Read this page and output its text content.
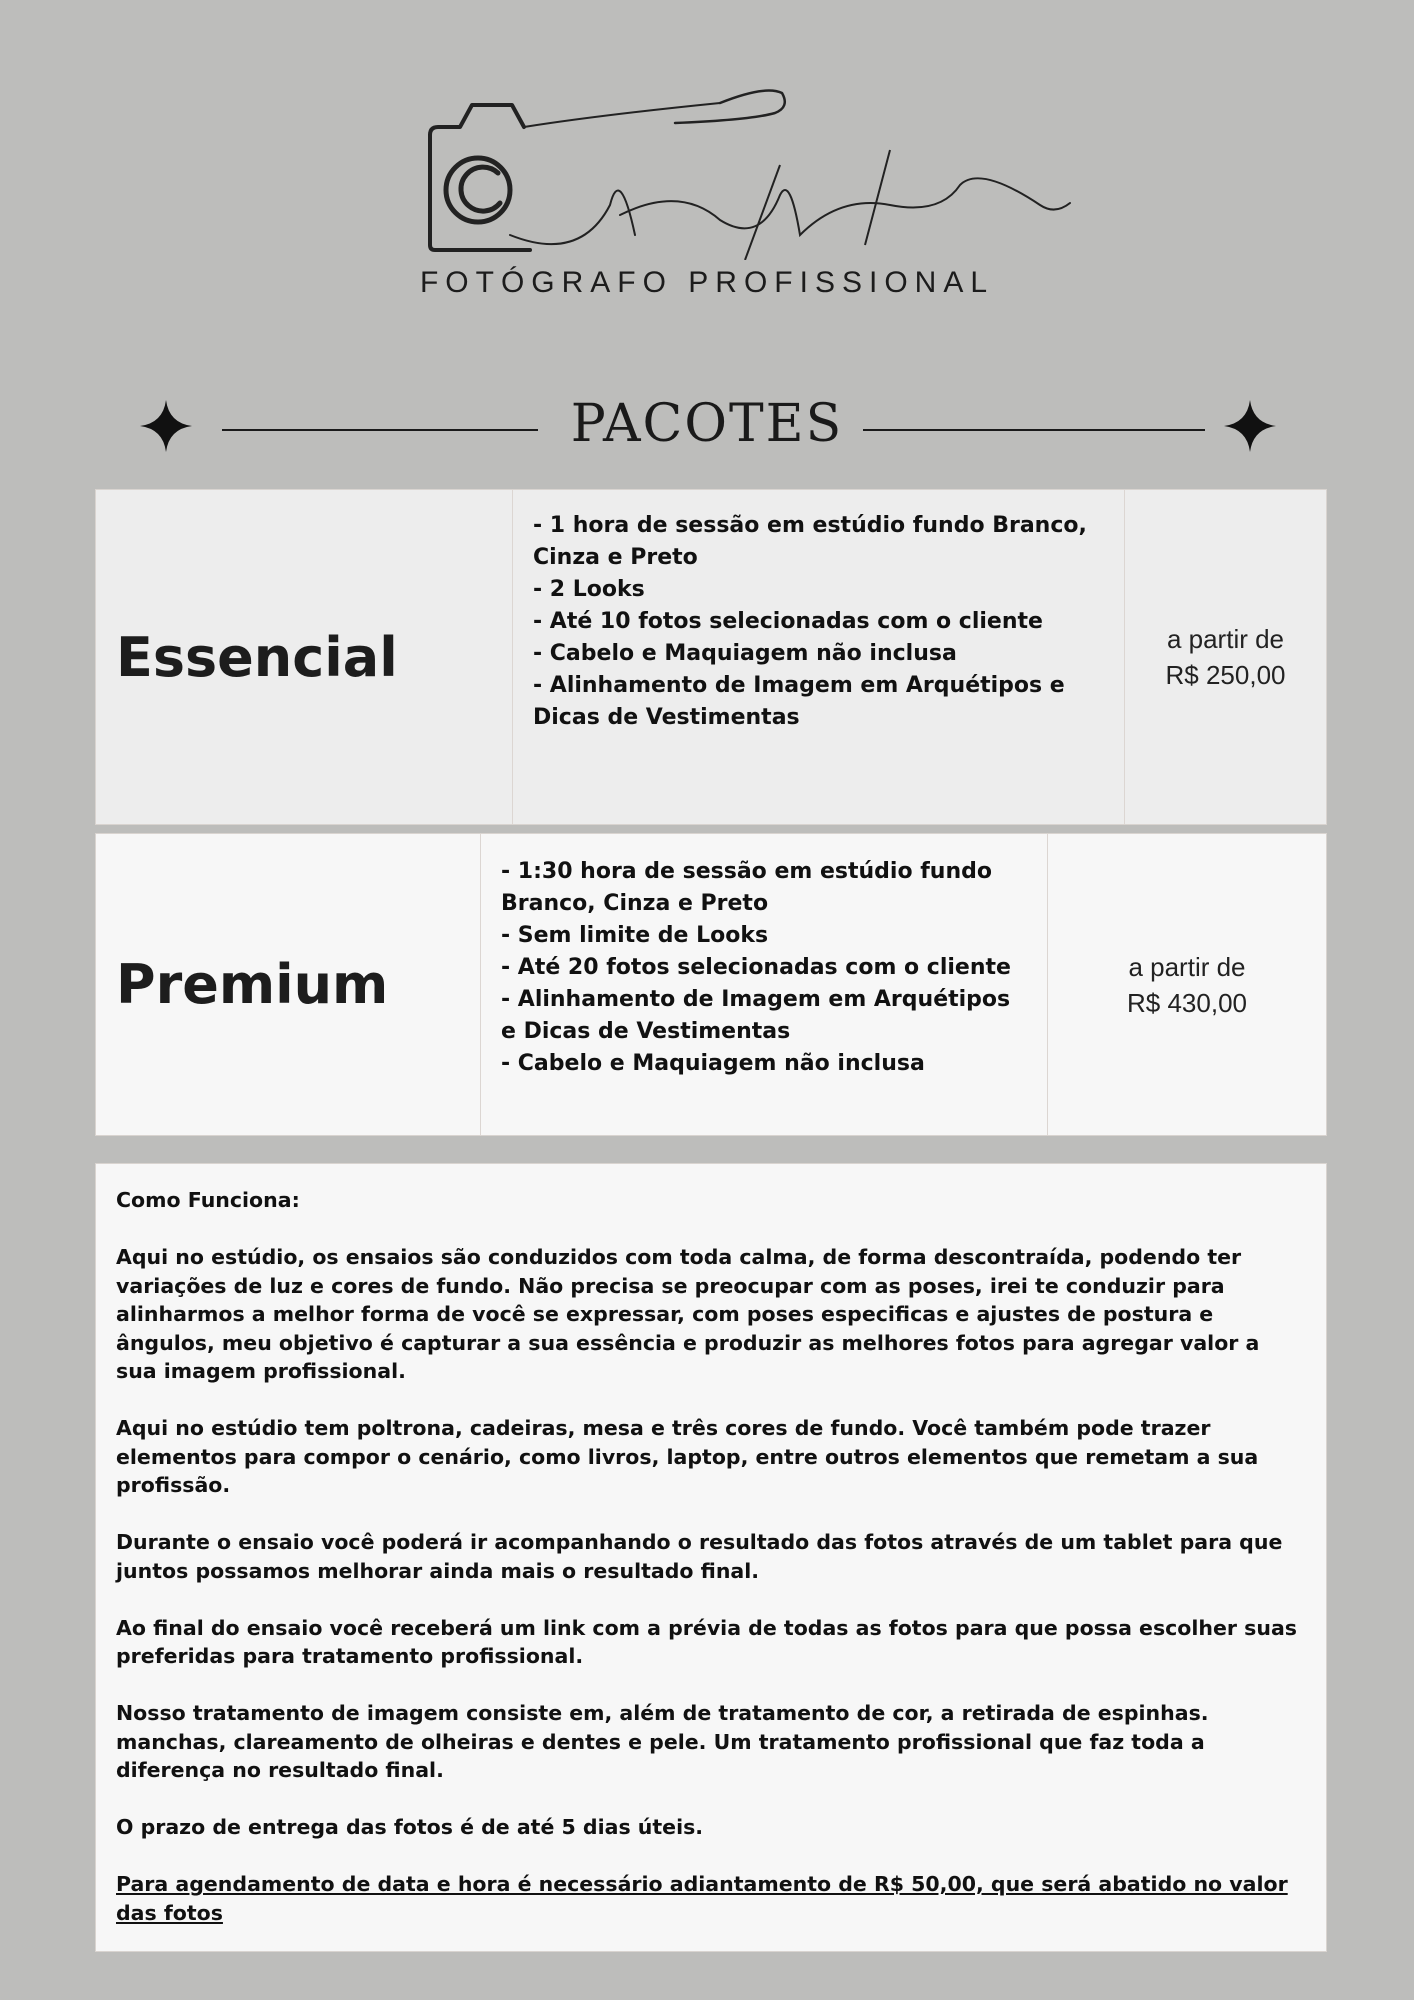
FOTÓGRAFO PROFISSIONAL
PACOTES
Essencial
- 1 hora de sessão em estúdio fundo Branco,
Cinza e Preto
- 2 Looks
- Até 10 fotos selecionadas com o cliente
- Cabelo e Maquiagem não inclusa
- Alinhamento de Imagem em Arquétipos e
Dicas de Vestimentas
a partir de
R$ 250,00
Premium
- 1:30 hora de sessão em estúdio fundo
Branco, Cinza e Preto
- Sem limite de Looks
- Até 20 fotos selecionadas com o cliente
- Alinhamento de Imagem em Arquétipos
e Dicas de Vestimentas
- Cabelo e Maquiagem não inclusa
a partir de
R$ 430,00

Como Funciona:

Aqui no estúdio, os ensaios são conduzidos com toda calma, de forma descontraída, podendo ter variações de luz e cores de fundo. Não precisa se preocupar com as poses, irei te conduzir para alinharmos a melhor forma de você se expressar, com poses especificas e ajustes de postura e ângulos, meu objetivo é capturar a sua essência e produzir as melhores fotos para agregar valor a sua imagem profissional.

Aqui no estúdio tem poltrona, cadeiras, mesa e três cores de fundo. Você também pode trazer elementos para compor o cenário, como livros, laptop, entre outros elementos que remetam a sua profissão.

Durante o ensaio você poderá ir acompanhando o resultado das fotos através de um tablet para que juntos possamos melhorar ainda mais o resultado final.

Ao final do ensaio você receberá um link com a prévia de todas as fotos para que possa escolher suas preferidas para tratamento profissional.

Nosso tratamento de imagem consiste em, além de tratamento de cor, a retirada de espinhas. manchas, clareamento de olheiras e dentes e pele. Um tratamento profissional que faz toda a diferença no resultado final.

O prazo de entrega das fotos é de até 5 dias úteis.

Para agendamento de data e hora é necessário adiantamento de R$ 50,00, que será abatido no valor das fotos
